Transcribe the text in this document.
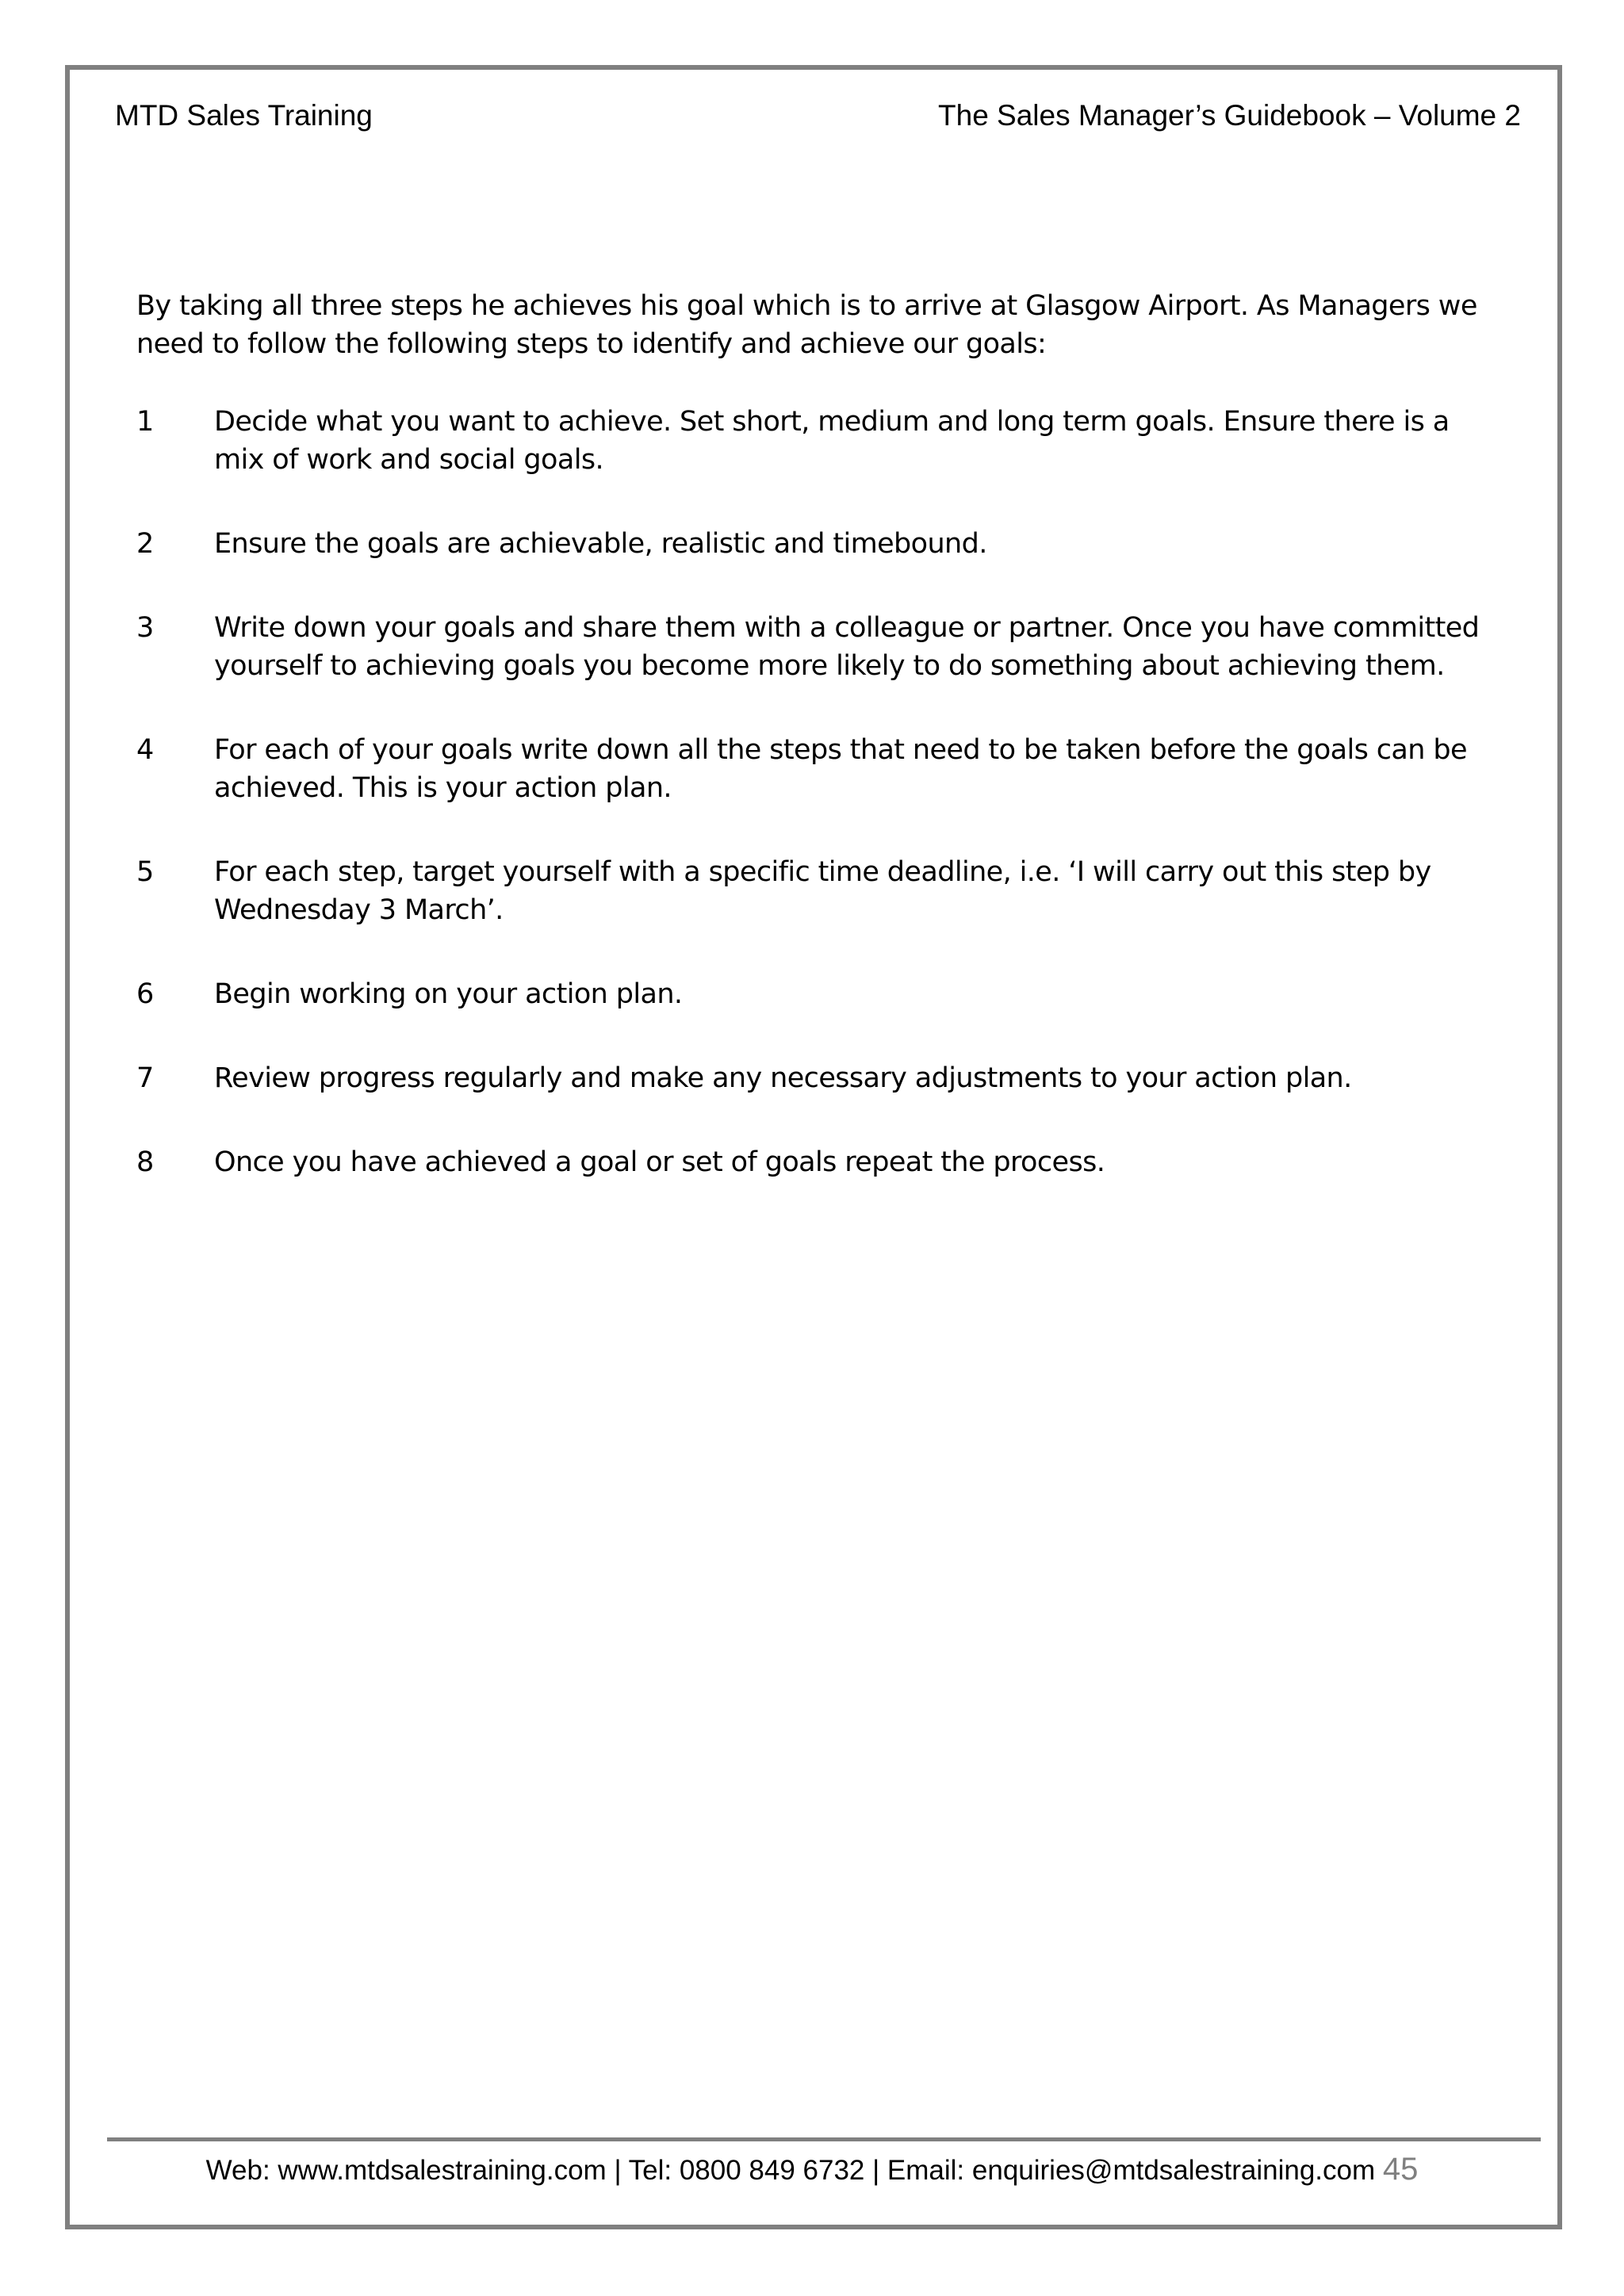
MTD Sales Training	The Sales Manager’s Guidebook – Volume 2

By taking all three steps he achieves his goal which is to arrive at Glasgow Airport. As Managers we need to follow the following steps to identify and achieve our goals:

1	Decide what you want to achieve. Set short, medium and long term goals. Ensure there is a mix of work and social goals.
2	Ensure the goals are achievable, realistic and timebound.
3	Write down your goals and share them with a colleague or partner. Once you have committed yourself to achieving goals you become more likely to do something about achieving them.
4	For each of your goals write down all the steps that need to be taken before the goals can be achieved. This is your action plan.
5	For each step, target yourself with a specific time deadline, i.e. ‘I will carry out this step by Wednesday 3 March’.
6	Begin working on your action plan.
7	Review progress regularly and make any necessary adjustments to your action plan.
8	Once you have achieved a goal or set of goals repeat the process.
Web: www.mtdsalestraining.com | Tel: 0800 849 6732 | Email: enquiries@mtdsalestraining.com 45
